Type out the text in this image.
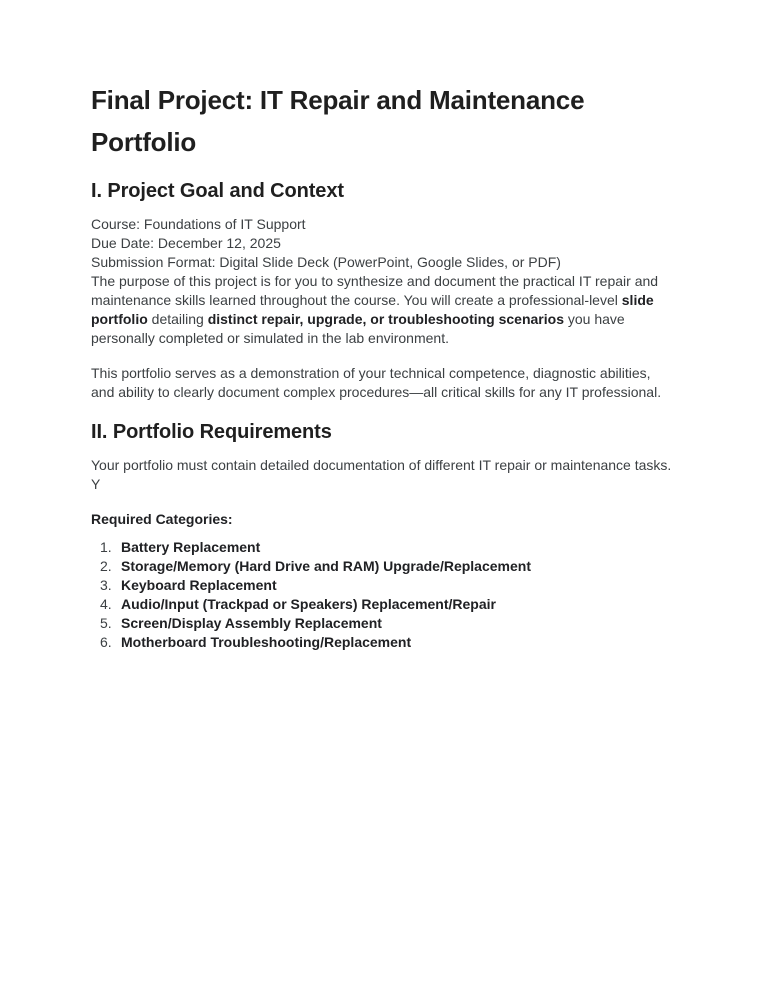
Final Project: IT Repair and Maintenance Portfolio
I. Project Goal and Context

Course: Foundations of IT Support

Due Date: December 12, 2025

Submission Format: Digital Slide Deck (PowerPoint, Google Slides, or PDF)

The purpose of this project is for you to synthesize and document the practical IT repair and maintenance skills learned throughout the course. You will create a professional-level slide portfolio detailing distinct repair, upgrade, or troubleshooting scenarios you have personally completed or simulated in the lab environment.

This portfolio serves as a demonstration of your technical competence, diagnostic abilities, and ability to clearly document complex procedures—all critical skills for any IT professional.

II. Portfolio Requirements

Your portfolio must contain detailed documentation of different IT repair or maintenance tasks. Y

Required Categories:

1. Battery Replacement
2. Storage/Memory (Hard Drive and RAM) Upgrade/Replacement
3. Keyboard Replacement
4. Audio/Input (Trackpad or Speakers) Replacement/Repair
5. Screen/Display Assembly Replacement
6. Motherboard Troubleshooting/Replacement
